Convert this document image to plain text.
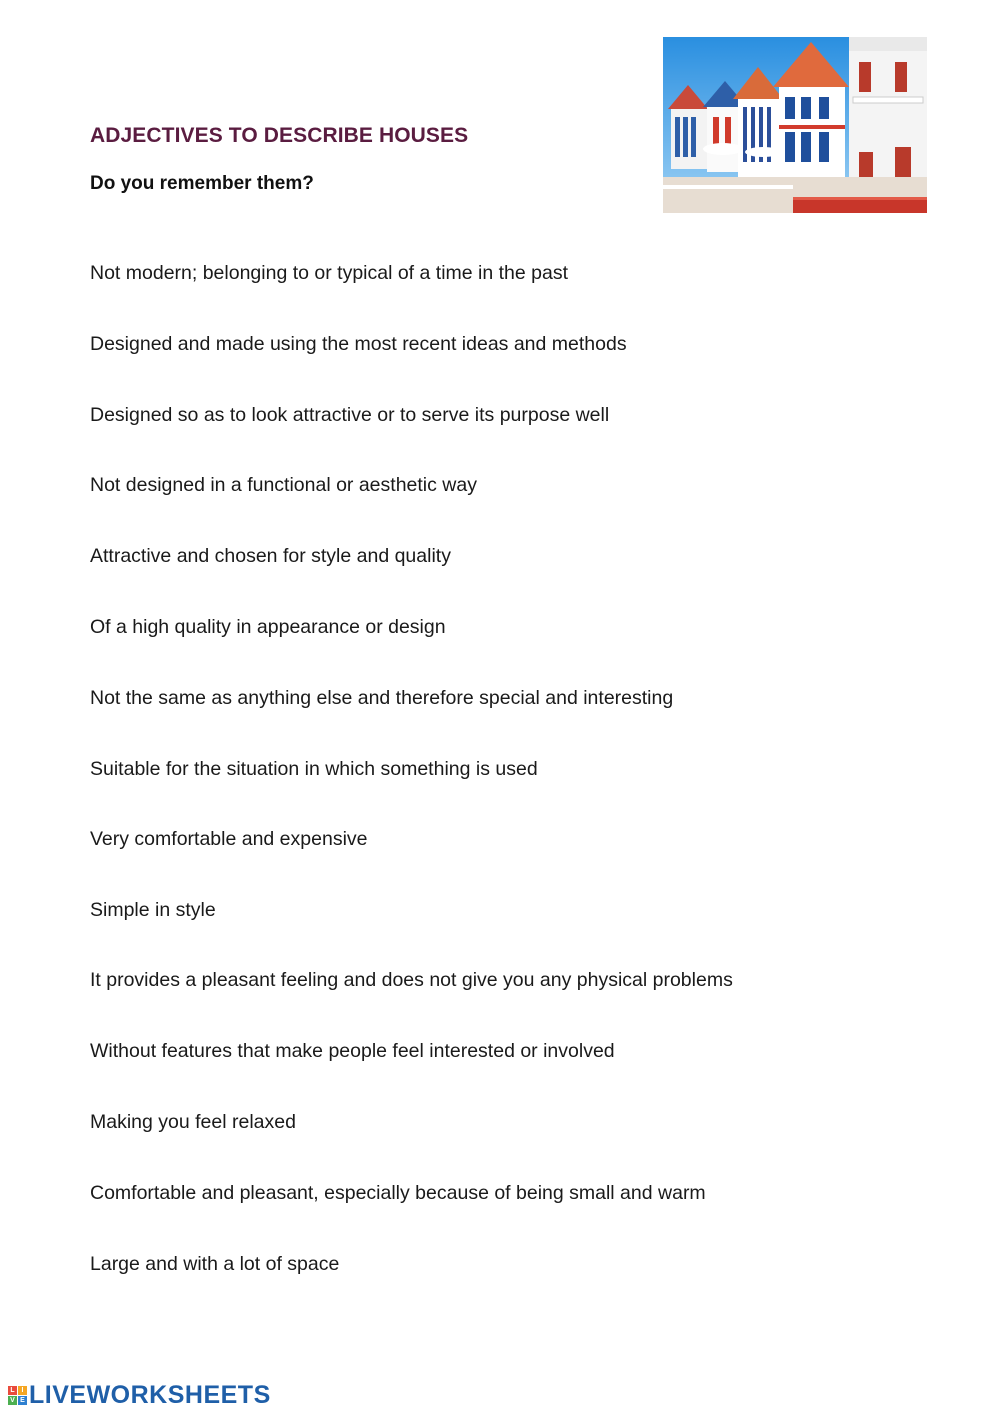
ADJECTIVES TO DESCRIBE HOUSES
Do you remember them?
Not modern; belonging to or typical of a time in the past
Designed and made using the most recent ideas and methods
Designed so as to look attractive or to serve its purpose well
Not designed in a functional or aesthetic way
Attractive and chosen for style and quality
Of a high quality in appearance or design
Not the same as anything else and therefore special and interesting
Suitable for the situation in which something is used
Very comfortable and expensive
Simple in style
It provides a pleasant feeling and does not give you any physical problems
Without features that make people feel interested or involved
Making you feel relaxed
Comfortable and pleasant, especially because of being small and warm
Large and with a lot of space
L I
V E LIVEWORKSHEETS
